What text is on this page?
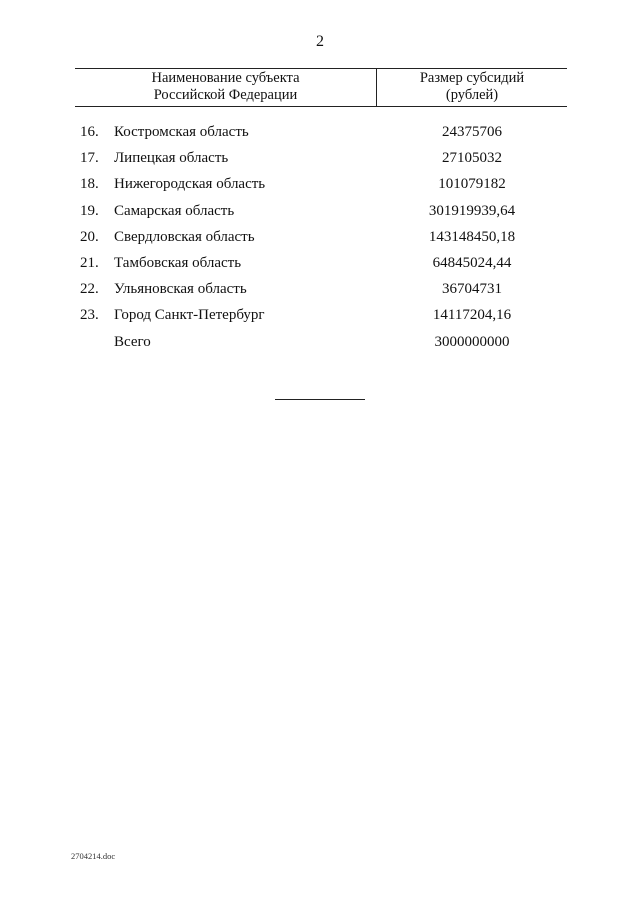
2
Наименование субъекта
Российской Федерации
Размер субсидий
(рублей)
16.	Костромская область	24375706
17.	Липецкая область	27105032
18.	Нижегородская область	101079182
19.	Самарская область	301919939,64
20.	Свердловская область	143148450,18
21.	Тамбовская область	64845024,44
22.	Ульяновская область	36704731
23.	Город Санкт-Петербург	14117204,16
Всего	3000000000
2704214.doc
